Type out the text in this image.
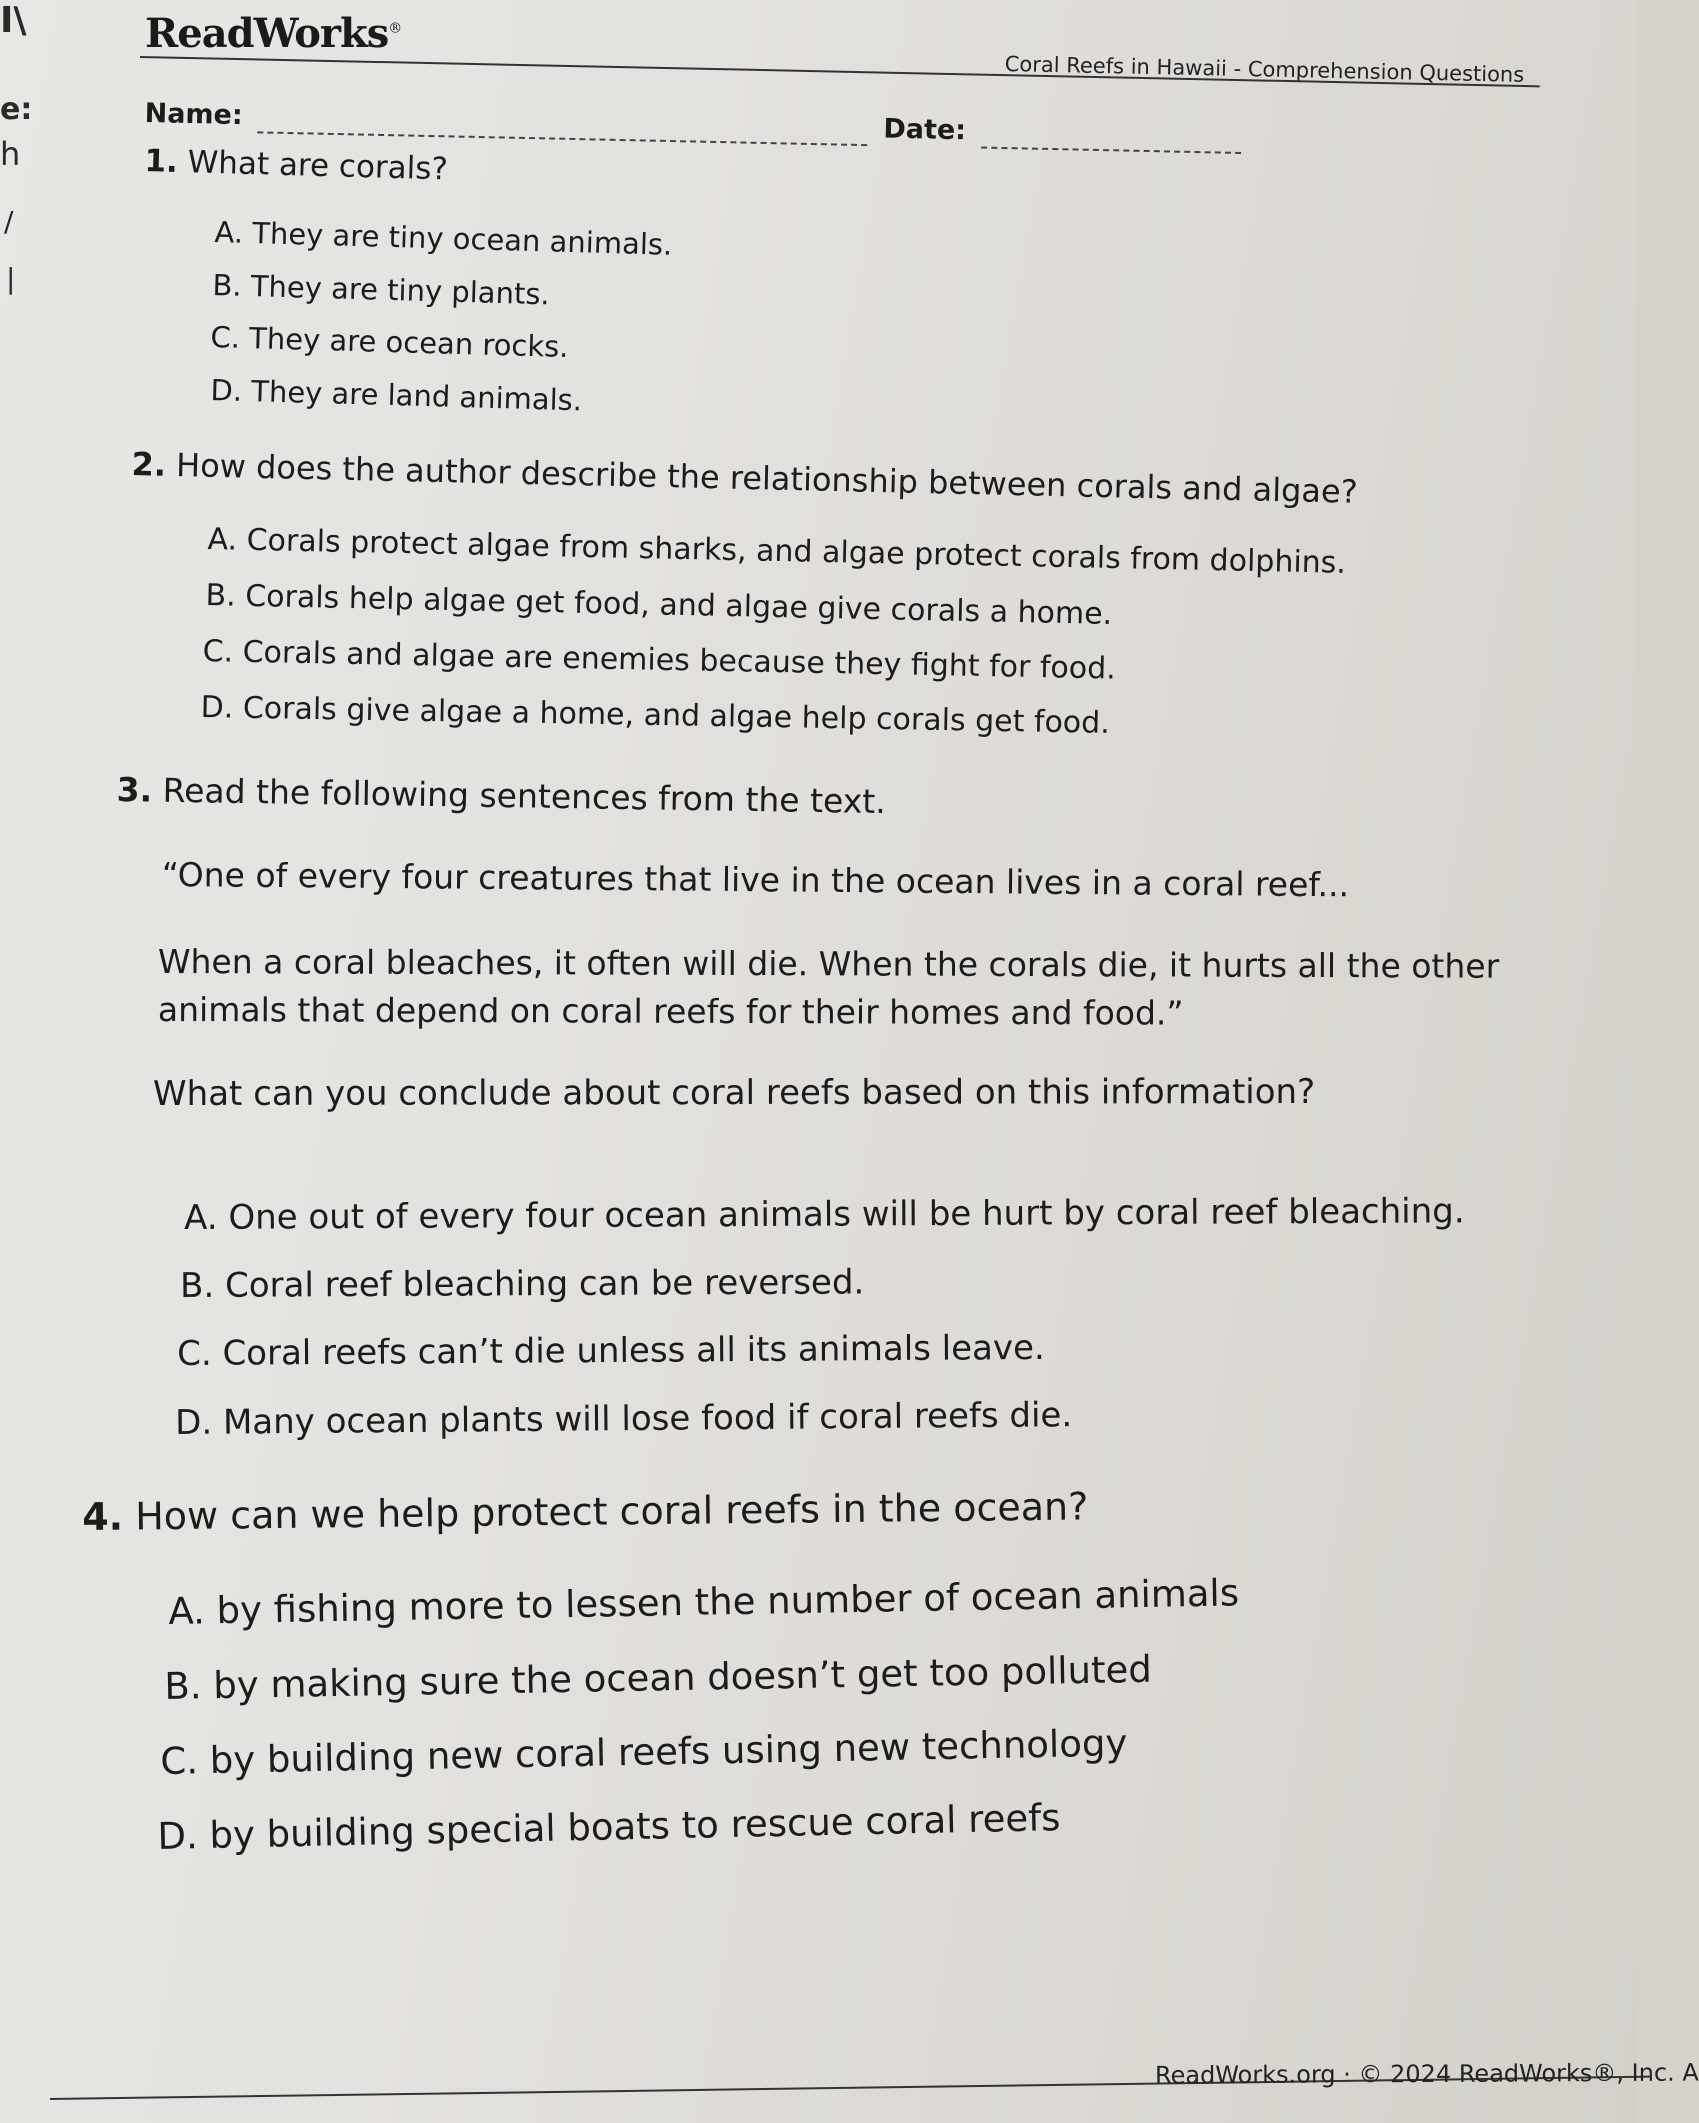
I\
e:
h
/
|
ReadWorks®
Coral Reefs in Hawaii - Comprehension Questions
Name:	Date:
1. What are corals?
A. They are tiny ocean animals.
B. They are tiny plants.
C. They are ocean rocks.
D. They are land animals.
2. How does the author describe the relationship between corals and algae?
A. Corals protect algae from sharks, and algae protect corals from dolphins.
B. Corals help algae get food, and algae give corals a home.
C. Corals and algae are enemies because they fight for food.
D. Corals give algae a home, and algae help corals get food.
3. Read the following sentences from the text.
“One of every four creatures that live in the ocean lives in a coral reef...
When a coral bleaches, it often will die. When the corals die, it hurts all the other
animals that depend on coral reefs for their homes and food.”
What can you conclude about coral reefs based on this information?
A. One out of every four ocean animals will be hurt by coral reef bleaching.
B. Coral reef bleaching can be reversed.
C. Coral reefs can’t die unless all its animals leave.
D. Many ocean plants will lose food if coral reefs die.
4. How can we help protect coral reefs in the ocean?
A. by fishing more to lessen the number of ocean animals
B. by making sure the ocean doesn’t get too polluted
C. by building new coral reefs using new technology
D. by building special boats to rescue coral reefs
ReadWorks.org · © 2024 ReadWorks®, Inc. A
